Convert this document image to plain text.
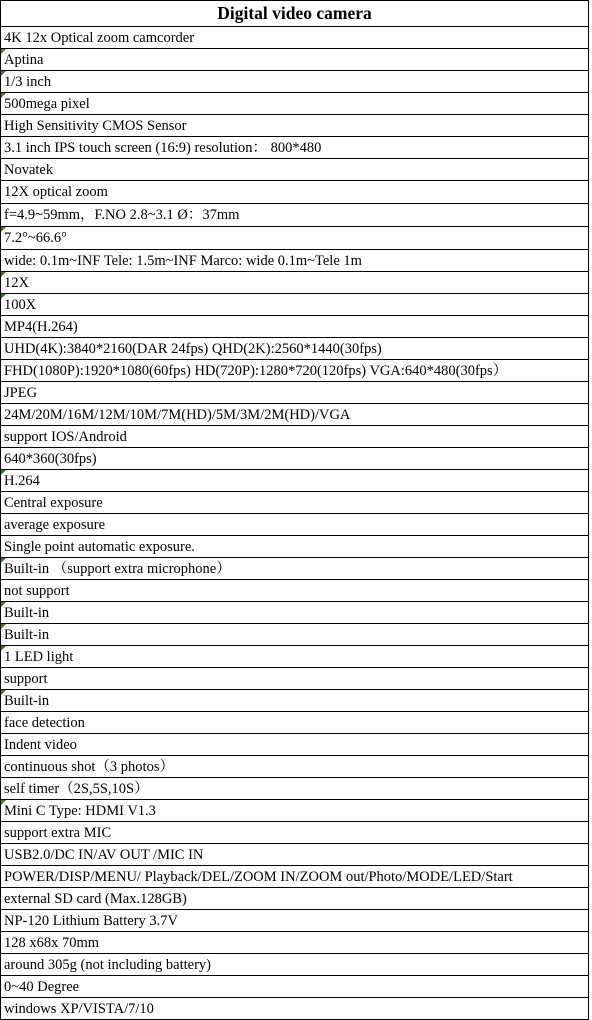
Digital video camera
4K 12x Optical zoom camcorder

Aptina

1/3 inch

500mega pixel
High Sensitivity CMOS Sensor
3.1 inch IPS touch screen (16:9) resolution： 800*480
Novatek
12X optical zoom
f=4.9~59mm，F.NO 2.8~3.1 Ø：37mm

7.2°~66.6°
wide: 0.1m~INF Tele: 1.5m~INF Marco: wide 0.1m~Tele 1m

12X

100X
MP4(H.264)
UHD(4K):3840*2160(DAR 24fps) QHD(2K):2560*1440(30fps)
FHD(1080P):1920*1080(60fps) HD(720P):1280*720(120fps) VGA:640*480(30fps）
JPEG
24M/20M/16M/12M/10M/7M(HD)/5M/3M/2M(HD)/VGA
support IOS/Android
640*360(30fps)

H.264
Central exposure
average exposure
Single point automatic exposure.

Built-in （support extra microphone）
not support

Built-in

Built-in

1 LED light
support

Built-in
face detection
Indent video
continuous shot（3 photos）
self timer（2S,5S,10S）

Mini C Type: HDMI V1.3
support extra MIC
USB2.0/DC IN/AV OUT /MIC IN
POWER/DISP/MENU/ Playback/DEL/ZOOM IN/ZOOM out/Photo/MODE/LED/Start
external SD card (Max.128GB)
NP-120 Lithium Battery 3.7V
128 x68x 70mm
around 305g (not including battery)
0~40 Degree
windows XP/VISTA/7/10
